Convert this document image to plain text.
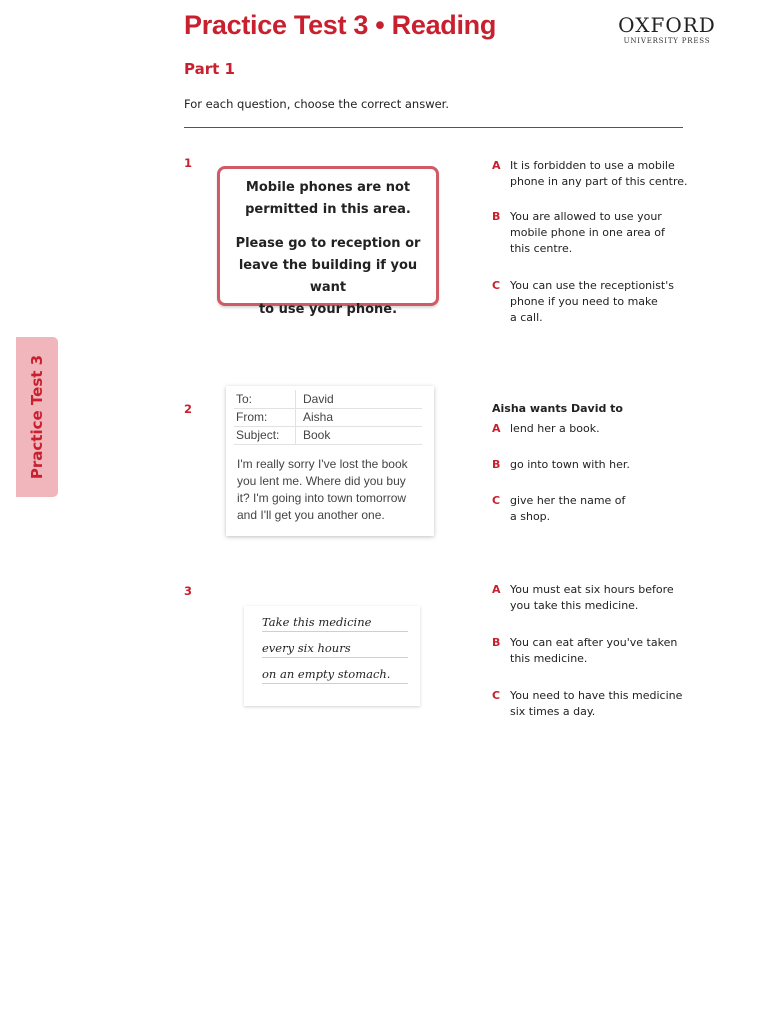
Practice Test 3 • Reading	OXFORD
UNIVERSITY PRESS
Part 1
For each question, choose the correct answer.
Practice Test 3
1

Mobile phones are not

permitted in this area.

Please go to reception or

leave the building if you want

to use your phone.

A It is forbidden to use a mobile

phone in any part of this centre.

B You are allowed to use your

mobile phone in one area of

this centre.

C You can use the receptionist's

phone if you need to make

a call.

2
To:	David
From:	Aisha
Subject:	Book

I'm really sorry I've lost the book

you lent me. Where did you buy

it? I'm going into town tomorrow

and I'll get you another one.

Aisha wants David to
A lend her a book.

B go into town with her.

C give her the name of

a shop.

3
Take this medicine
every six hours
on an empty stomach.
A You must eat six hours before

you take this medicine.

B You can eat after you've taken

this medicine.

C You need to have this medicine

six times a day.
